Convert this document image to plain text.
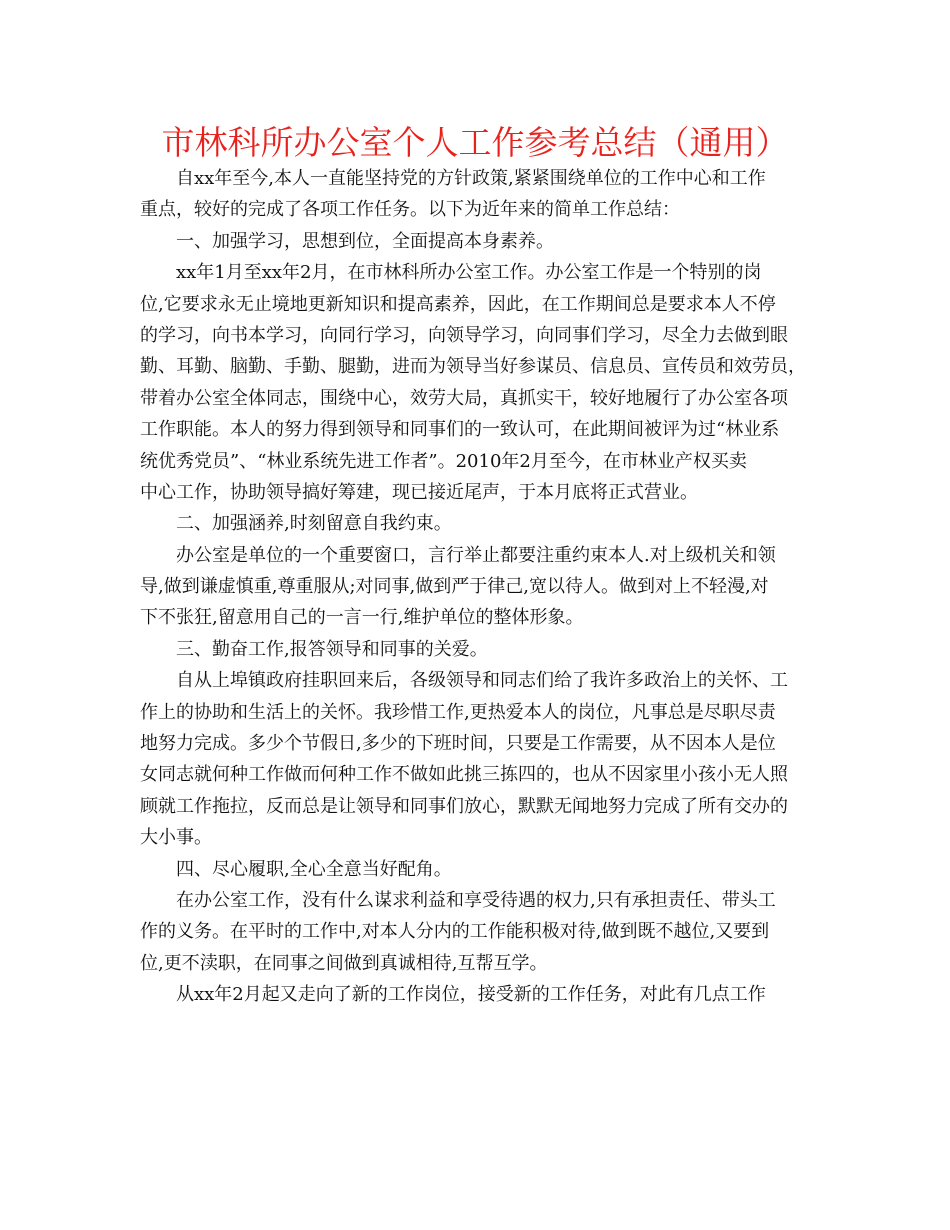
市林科所办公室个人工作参考总结（通用）
自xx年至今,本人一直能坚持党的方针政策,紧紧围绕单位的工作中心和工作
重点，较好的完成了各项工作任务。以下为近年来的简单工作总结：
一、加强学习，思想到位，全面提高本身素养。
xx年1月至xx年2月，在市林科所办公室工作。办公室工作是一个特别的岗
位,它要求永无止境地更新知识和提高素养，因此，在工作期间总是要求本人不停
的学习，向书本学习，向同行学习，向领导学习，向同事们学习，尽全力去做到眼
勤、耳勤、脑勤、手勤、腿勤，进而为领导当好参谋员、信息员、宣传员和效劳员，
带着办公室全体同志，围绕中心，效劳大局，真抓实干，较好地履行了办公室各项
工作职能。本人的努力得到领导和同事们的一致认可，在此期间被评为过“林业系
统优秀党员”、“林业系统先进工作者”。2010年2月至今，在市林业产权买卖
中心工作，协助领导搞好筹建，现已接近尾声，于本月底将正式营业。
二、加强涵养,时刻留意自我约束。
办公室是单位的一个重要窗口，言行举止都要注重约束本人.对上级机关和领
导,做到谦虚慎重,尊重服从;对同事,做到严于律己,宽以待人。做到对上不轻漫,对
下不张狂,留意用自己的一言一行,维护单位的整体形象。
三、勤奋工作,报答领导和同事的关爱。
自从上埠镇政府挂职回来后，各级领导和同志们给了我许多政治上的关怀、工
作上的协助和生活上的关怀。我珍惜工作,更热爱本人的岗位，凡事总是尽职尽责
地努力完成。多少个节假日,多少的下班时间，只要是工作需要，从不因本人是位
女同志就何种工作做而何种工作不做如此挑三拣四的，也从不因家里小孩小无人照
顾就工作拖拉，反而总是让领导和同事们放心，默默无闻地努力完成了所有交办的
大小事。
四、尽心履职,全心全意当好配角。
在办公室工作，没有什么谋求利益和享受待遇的权力,只有承担责任、带头工
作的义务。在平时的工作中,对本人分内的工作能积极对待,做到既不越位,又要到
位,更不渎职，在同事之间做到真诚相待,互帮互学。
从xx年2月起又走向了新的工作岗位，接受新的工作任务，对此有几点工作
